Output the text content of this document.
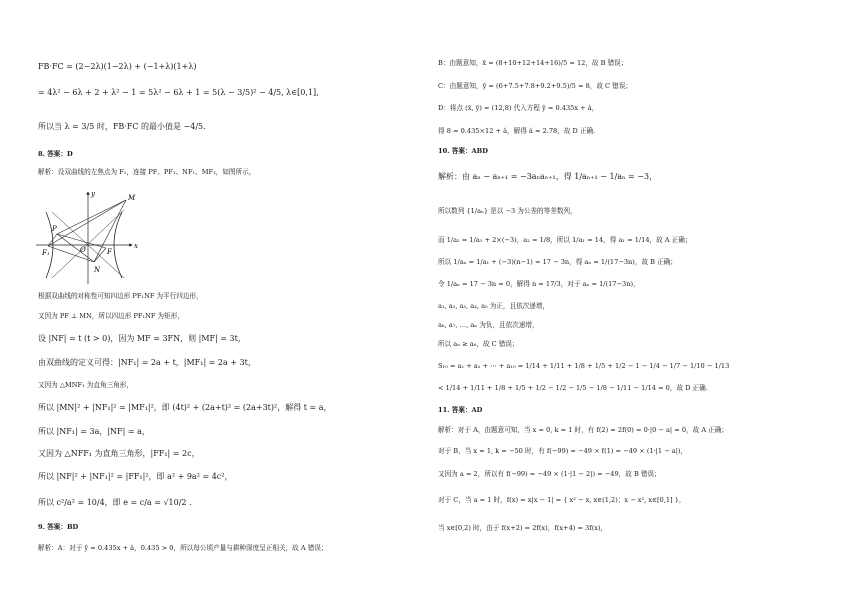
FB·FC = (2−2λ)(1−2λ) + (−1+λ)(1+λ)
= 4λ² − 6λ + 2 + λ² − 1 = 5λ² − 6λ + 1 = 5(λ − 3/5)² − 4/5, λ∈[0,1],
所以当 λ = 3/5 时，FB·FC 的最小值是 −4/5.
8. 答案：D
解析：设双曲线的左焦点为 F₁，连接 PF、PF₁、NF₁、MF₁，如图所示，
M
P
O
F₁	F
N
x
y
根据双曲线的对称性可知四边形 PF₁NF 为平行四边形，
又因为 PF ⊥ MN，所以四边形 PF₁NF 为矩形，
设 |NF| = t (t > 0)，因为 MF = 3FN，则 |MF| = 3t，
由双曲线的定义可得：|NF₁| = 2a + t，|MF₁| = 2a + 3t，
又因为 △MNF₁ 为直角三角形，
所以 |MN|² + |NF₁|² = |MF₁|²，即 (4t)² + (2a+t)² = (2a+3t)²，解得 t = a，
所以 |NF₁| = 3a，|NF| = a，
又因为 △NFF₁ 为直角三角形，|FF₁| = 2c，
所以 |NF|² + |NF₁|² = |FF₁|²，即 a² + 9a² = 4c²，
所以 c²/a² = 10/4，即 e = c/a = √10/2 .
9. 答案：BD
解析：A：对于 ŷ = 0.435x + â，0.435 > 0，所以每公顷产量与耕种深度呈正相关，故 A 错误；
B：由题意知，x̄ = (8+10+12+14+16)/5 = 12，故 B 错误；
C：由题意知，ȳ = (6+7.5+7.8+9.2+9.5)/5 = 8，故 C 错误；
D：将点 (x̄, ȳ) = (12,8) 代入方程 ŷ = 0.435x + â，
得 8 = 0.435×12 + â，解得 â = 2.78，故 D 正确.
10. 答案：ABD
解析：由 aₙ − aₙ₊₁ = −3aₙaₙ₊₁，得 1/aₙ₊₁ − 1/aₙ = −3，
所以数列 {1/aₙ} 是以 −3 为公差的等差数列，
而 1/a₂ = 1/a₁ + 2×(−3)，a₂ = 1/8，所以 1/a₁ = 14，得 a₁ = 1/14，故 A 正确；
所以 1/aₙ = 1/a₁ + (−3)(n−1) = 17 − 3n，得 aₙ = 1/(17−3n)，故 B 正确；
令 1/aₙ = 17 − 3n = 0，解得 n = 17/3，对于 aₙ = 1/(17−3n)，
a₁, a₂, a₃, a₄, a₅ 为正，且依次递增，
a₆, a₇, …, aₙ 为负，且依次递增，
所以 aₙ ≥ a₆，故 C 错误；
S₁₀ = a₁ + a₂ + ⋯ + a₁₀ = 1/14 + 1/11 + 1/8 + 1/5 + 1/2 − 1 − 1/4 − 1/7 − 1/10 − 1/13
< 1/14 + 1/11 + 1/8 + 1/5 + 1/2 − 1/2 − 1/5 − 1/8 − 1/11 − 1/14 = 0，故 D 正确.
11. 答案：AD
解析：对于 A，由题意可知，当 x = 0, k = 1 时，有 f(2) = 2f(0) = 0·|0 − a| = 0，故 A 正确；
对于 B，当 x = 1, k = −50 时，有 f(−99) = −49 × f(1) = −49 × (1·|1 − a|)，
又因为 a = 2，所以有 f(−99) = −49 × (1·|1 − 2|) = −49，故 B 错误；
对于 C，当 a = 1 时，f(x) = x|x − 1| = { x² − x, x∈(1,2)；x − x², x∈[0,1] }，
当 x∈[0,2) 时，由于 f(x+2) = 2f(x)，f(x+4) = 3f(x)，
